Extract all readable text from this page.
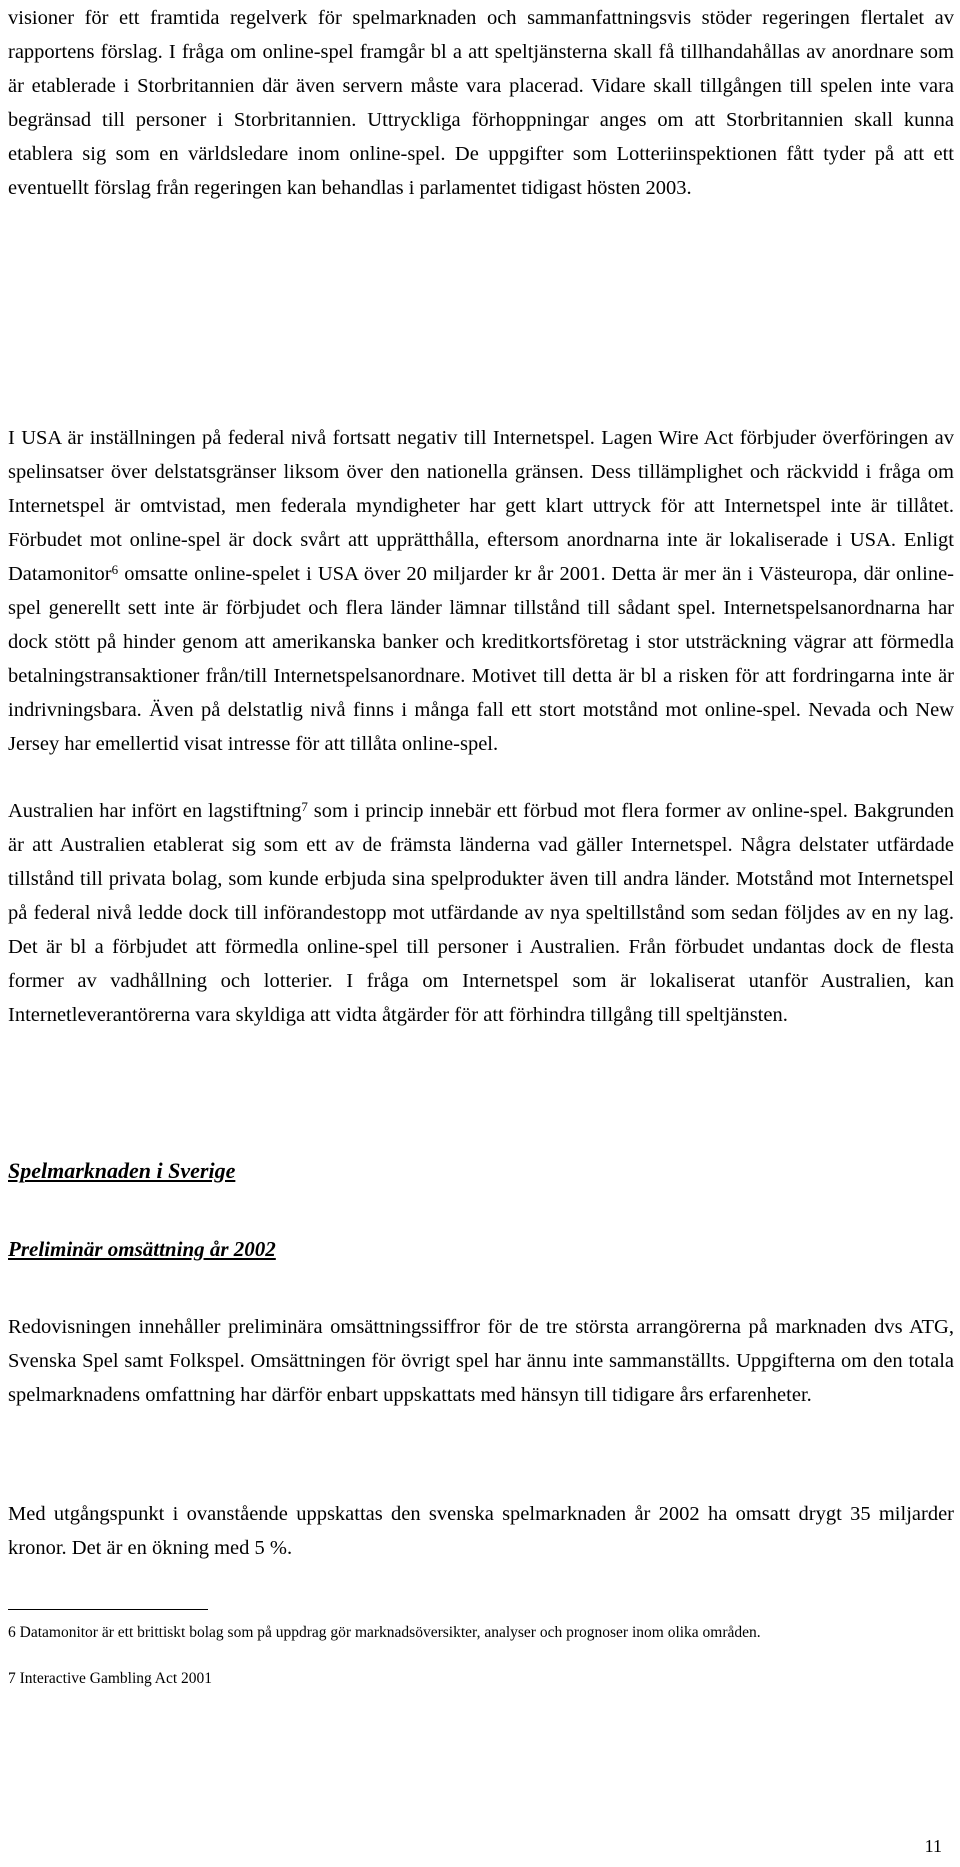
visioner för ett framtida regelverk för spelmarknaden och sammanfattningsvis stöder regeringen flertalet av rapportens förslag. I fråga om online-spel framgår bl a att speltjänsterna skall få tillhandahållas av anordnare som är etablerade i Storbritannien där även servern måste vara placerad. Vidare skall tillgången till spelen inte vara begränsad till personer i Storbritannien. Uttryckliga förhoppningar anges om att Storbritannien skall kunna etablera sig som en världsledare inom online-spel. De uppgifter som Lotteriinspektionen fått tyder på att ett eventuellt förslag från regeringen kan behandlas i parlamentet tidigast hösten 2003.

I USA är inställningen på federal nivå fortsatt negativ till Internetspel. Lagen Wire Act förbjuder överföringen av spelinsatser över delstatsgränser liksom över den nationella gränsen. Dess tillämplighet och räckvidd i fråga om Internetspel är omtvistad, men federala myndigheter har gett klart uttryck för att Internetspel inte är tillåtet. Förbudet mot online-spel är dock svårt att upprätthålla, eftersom anordnarna inte är lokaliserade i USA. Enligt Datamonitor$^6$ omsatte online-spelet i USA över 20 miljarder kr år 2001. Detta är mer än i Västeuropa, där online-spel generellt sett inte är förbjudet och flera länder lämnar tillstånd till sådant spel. Internetspelsanordnarna har dock stött på hinder genom att amerikanska banker och kreditkortsföretag i stor utsträckning vägrar att förmedla betalningstransaktioner från/till Internetspelsanordnare. Motivet till detta är bl a risken för att fordringarna inte är indrivningsbara. Även på delstatlig nivå finns i många fall ett stort motstånd mot online-spel. Nevada och New Jersey har emellertid visat intresse för att tillåta online-spel.

Australien har infört en lagstiftning$^7$ som i princip innebär ett förbud mot flera former av online-spel. Bakgrunden är att Australien etablerat sig som ett av de främsta länderna vad gäller Internetspel. Några delstater utfärdade tillstånd till privata bolag, som kunde erbjuda sina spelprodukter även till andra länder. Motstånd mot Internetspel på federal nivå ledde dock till införandestopp mot utfärdande av nya speltillstånd som sedan följdes av en ny lag. Det är bl a förbjudet att förmedla online-spel till personer i Australien. Från förbudet undantas dock de flesta former av vadhållning och lotterier. I fråga om Internetspel som är lokaliserat utanför Australien, kan Internetleverantörerna vara skyldiga att vidta åtgärder för att förhindra tillgång till speltjänsten.

Spelmarknaden i Sverige
Preliminär omsättning år 2002

Redovisningen innehåller preliminära omsättningssiffror för de tre största arrangörerna på marknaden dvs ATG, Svenska Spel samt Folkspel. Omsättningen för övrigt spel har ännu inte sammanställts. Uppgifterna om den totala spelmarknadens omfattning har därför enbart uppskattats med hänsyn till tidigare års erfarenheter.

Med utgångspunkt i ovanstående uppskattas den svenska spelmarknaden år 2002 ha omsatt drygt 35 miljarder kronor. Det är en ökning med 5 %.

6 Datamonitor är ett brittiskt bolag som på uppdrag gör marknadsöversikter, analyser och prognoser inom olika områden.

7 Interactive Gambling Act 2001

11
